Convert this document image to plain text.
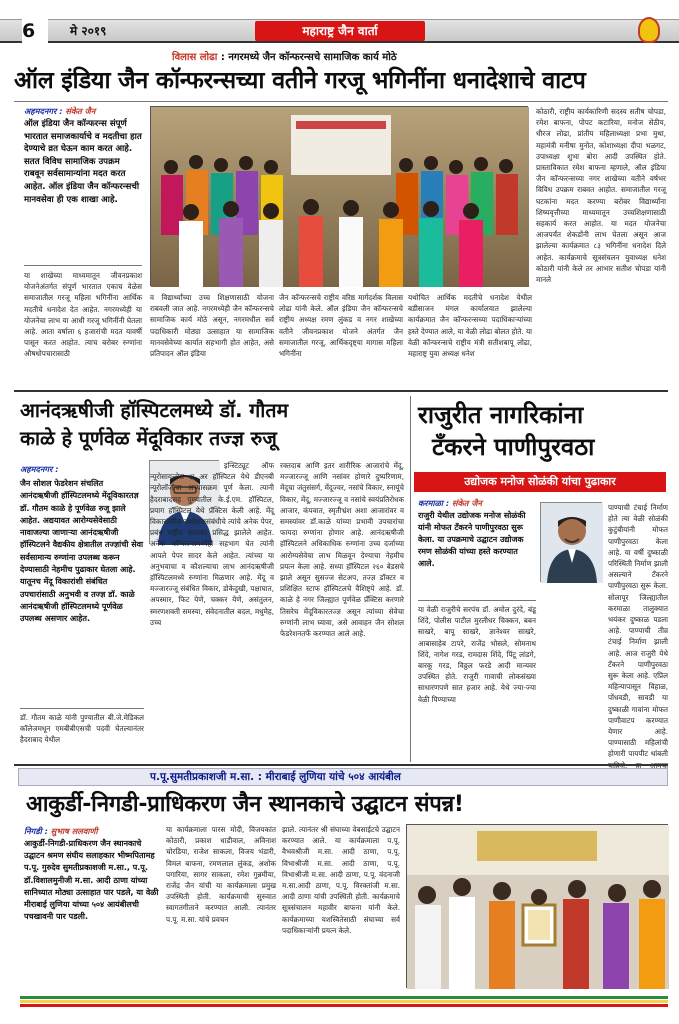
6	मे २०१९	महाराष्ट्र जैन वार्ता
विलास लोढा : नगरमध्ये जैन कॉन्फरन्सचे सामाजिक कार्य मोठे
ऑल इंडिया जैन कॉन्फरन्सच्या वतीने गरजू भगिनींना धनादेशाचे वाटप
अहमदनगर : संकेत जैन
ऑल इंडिया जैन कॉन्फरन्स संपूर्ण भारतात समाजकार्याचे व मदतीचा हात देण्याचे व्रत घेऊन काम करत आहे. सतत विविध सामाजिक उपक्रम राबवून सर्वसामान्यांना मदत करत आहेत. ऑल इंडिया जैन कॉन्फरन्सची मानवसेवा ही एक शाखा आहे.
या शाखेच्या माध्यमातून जीवनप्रकाश योजनेअंतर्गत संपूर्ण भारतात एकाच वेळेस समाजातील गरजू महिला भगिनींना आर्थिक मदतीचे धनादेश देत आहेत. नगरमध्येही या योजनेचा लाभ या आधी गरजू भगिनींनी घेतला आहे. आता वर्षाला ६ हजारांची मदत यावर्षी पासून करत आहोत. त्याच बरोबर रुग्णांना औषधोपचारासाठी
व विद्यार्थ्यांच्या उच्च शिक्षणासाठी योजना राबवली जात आहे. नगरमध्येही जैन कॉन्फरन्सचे सामाजिक कार्य मोठे असून, नगरमधील सर्व पदाधिकारी मोठ्या उत्साहात या सामाजिक मानवसेवेच्या कार्यात सहभागी होत आहेत, असे प्रतिपादन ऑल इंडिया
जैन कॉन्फरन्सचे राष्ट्रीय वरिष्ठ मार्गदर्शक विलास लोढा यांनी केले. ऑल इंडिया जैन कॉन्फरन्सचे राष्ट्रीय अध्यक्ष रमण लुंकड व नगर शाखेच्या वतीने जीवनप्रकाश योजने अंतर्गत जैन समाजातील गरजू, आर्थिकदृष्ट्या मागास महिला भगिनींना
यथोचित आर्थिक मदतीचे धनादेश येथील बडीसाजन मंगल कार्यालयात झालेल्या कार्यक्रमात जैन कॉन्फरन्सच्या पदाधिकाऱ्यांच्या हस्ते देण्यात आले, या वेळी लोढा बोलत होते. या वेळी कॉन्फरन्सचे राष्ट्रीय मंत्री सतीशबापू लोढा, महाराष्ट्र युवा अध्यक्ष धनेश
कोठारी, राष्ट्रीय कार्यकारिणी सदस्य सतीष चोपडा, रमेश बाफना, पोपट कटारिया, मनोज सेठीय, धीरज लोढा, प्रांतीय महिलाध्यक्षा प्रभा मुथा, महामंत्री मनीषा मुनोत, कोशाध्यक्षा दीपा भळगट, उपाध्यक्षा शुभा बोरा आदी उपस्थित होते. प्रास्ताविकात रमेश बाफना म्हणाले, ऑल इंडिया जैन कॉन्फरन्सच्या नगर शाखेच्या वतीने वर्षभर विविध उपक्रम राबवत आहोत. समाजातील गरजू घटकांना मदत करण्या बरोबर विद्यार्थ्यांना शिष्यवृत्तीच्या माध्यमातून उच्चशिक्षणासाठी सहकार्य करत आहोत. या मदत योजनेचा आजपर्यंत शेकडोंनी लाभ घेतला असून आज झालेल्या कार्यक्रमात ८३ भगिनींना धनादेश दिले आहेत. कार्यक्रमाचे सूत्रसंचलन युवाध्यक्ष धनेश कोठारी यांनी केले तर आभार सतीश चोपडा यांनी मानले
आनंदऋषीजी हॉस्पिटलमध्ये डॉ. गौतम
काळे हे पूर्णवेळ मेंदूविकार तज्ज्ञ रुजू
अहमदनगर :
जैन सोशल फेडरेशन संचलित आनंदऋषीजी हॉस्पिटलमध्ये मेंदूविकारतज्ञ डॉ. गौतम काळे हे पूर्णवेळ रुजू झाले आहेत. अद्ययावत आरोग्यसेवेसाठी नावाजल्या जाणाऱ्या आनंदऋषीजी हॉस्पिटलने वैद्यकीय क्षेत्रातील तज्ज्ञांची सेवा सर्वसामान्य रुग्णांना उपलब्ध करून देण्यासाठी नेहमीच पुढाकार घेतला आहे. यातूनच मेंदू विकारांशी संबंधित उपचारांसाठी अनुभवी व तज्ज्ञ डॉ. काळे आनंदऋषीजी हॉस्पिटलमध्ये पूर्णवेळ उपलब्ध असणार आहेत.
डॉ. गौतम काळे यांनी पुण्यातील बी.जे.मेडिकल कॉलेजमधून एमबीबीएसची पदवी घेतल्यानंतर हैदराबाद येथील
इन्स्टिट्यूट ऑफ न्यूरोसायन्सेस क्ष अर हॉस्पिटल येथे डीएनबी न्यूरोलॉजीचा अभ्यासक्रम पूर्ण केला. त्यानी हैदराबादसह पुण्यातील के.ई.एम. हॉस्पिटल, प्रयाग हॉस्पिटल येथे प्रॅक्टिस केली आहे. मेंदू विकारांवरील संशोधनासंबंधीचे त्यांचे अनेक पेपर, प्रबंध राष्ट्रीय स्तरावर प्रसिद्ध झालेले आहेत. अनेक कॉन्फरन्समध्येही सहभाग घेत त्यांनी आपले पेपर सादर केले आहेत. त्यांच्या या अनुभवाचा व कौशल्याचा लाभ आनंदऋषीजी हॉस्पिटलमध्ये रुग्णांना मिळणार आहे. मेंदू व मज्जारज्जू संबंधित विकार, डोकेदुखी, पक्षाघात, अपस्मार, फिट येणे, चक्कर येणे, असंतुलन, स्मरणशक्ती समस्या, संवेदनातील बदल, मधुमेह, उच्च
रक्तदाब आणि इतर शारीरिक आजारांचे मेंदू, मज्जारज्जू आणि नसांवर होणारे दुष्परिणाम, मेंदूचा जंतुसंसर्ग, मेंदूज्वर, नसांचे विकार, स्नायूंचे विकार, मेंदू, मज्जारज्जू व नसांचे स्वयंप्रतिरोधक आजार, कंपवात, स्मृतीभ्रंश अशा आजारांवर व समस्यांवर डॉ.काळे यांच्या प्रभावी उपचारांचा फायदा रुग्णांना होणार आहे. आनंदऋषीजी हॉस्पिटलने अधिकाधिक रुग्णांना उच्च दर्जाच्या आरोग्यसेवेचा लाभ मिळवून देण्याचा नेहमीच प्रयत्न केला आहे. सध्या हॉस्पिटल २६० बेडसचे झाले असून सुसज्ज सेटअप, तज्ज्ञ डॉक्टर व प्रशिक्षित स्टाफ हॉस्पिटलचे वैशिष्ट्ये आहे. डॉ. काळे हे नगर जिल्ह्यात पूर्णवेळ प्रॅक्टिस करणारे तिसरेच मेंदूविकारतज्ज्ञ असून त्यांच्या सेवेचा रुग्णांनी लाभ घ्यावा, असे आवाहन जैन सोशल फेडरेशनतर्फे करण्यात आले आहे.
राजुरीत नागरिकांना
टँकरने पाणीपुरवठा
उद्योजक मनोज सोळंकी यांचा पुढाकार
करमाळा : संकेत जैन
राजुरी येथील उद्योजक मनोज सोळंकी यांनी मोफत टँकरने पाणीपुरवठा सुरू केला. या उपक्रमाचे उद्घाटन उद्योजक रमण सोळंकी यांच्या हस्ते करण्यात आले.
या वेळी राजुरीचे सरपंच डॉ. अमोल दुरंदे, बंडू शिंदे, पोलीस पाटील मुरलीधर चिक्कन, बबन साखरे, बापू साखरे, ज्ञानेश्वर साखरे, आबासाहेब टापरे, राजेंद्र भोसले, सोमनाथ शिंदे, नागेश गरड, रामदास शिंदे, पिंटू लांडगे, बारकू गरड, विठ्ठल फरडे आदी मान्यवर उपस्थित होते. राजुरी गावाची लोकसंख्या साधारणपणे सात हजार आहे. येथे ज्या-ज्या वेळी पिण्याच्या
पाण्याची टंचाई निर्माण होते त्या वेळी सोळंकी कुटुंबीयांनी मोफत पाणीपुरवठा केला आहे. या वर्षी दुष्काळी परिस्थिती निर्माण झाली असल्याने टँकरने पाणीपुरवठा सुरू केला. सोलापूर जिल्ह्यातील करमाळा तालुक्यात भयंकर दुष्काळ पडला आहे. पाण्याची तीव्र टंचाई निर्माण झाली आहे. आज राजुरी येथे टँकरने पाणीपुरवठा सुरू केला आहे. एप्रिल महिन्यापासून विहाळ, पोंधवडी, सावडी या दुष्काळी गावांना मोफत पाणीवाटप करण्यात येणार आहे. पाण्यासाठी महिलांची होणारी पायपीट थांबली
प.पू.सुमतीप्रकाशजी म.सा. : मीराबाई लुणिया यांचे ५०४ आयंबील
आकुर्डी-निगडी-प्राधिकरण जैन स्थानकाचे उद्घाटन संपन्न!
निगडी : सुभाष ललवाणी
आकुर्डी-निगडी-प्राधिकरण जैन स्थानकाचे उद्घाटन श्रमण संघीय सलाहकार भीष्मपितामह प.पू. गुरुदेव सुमतीप्रकाशजी म.सा., प.पू. डॉ.विशालमुनीजी म.सा. आदी ठाणा यांच्या सानिध्यात मोठ्या उत्साहात पार पडले, या वेळी मीराबाई लुणिया यांच्या ५०४ आयंबीलची पचखावनी पार पडली.
या कार्यक्रमाला पारस मोदी, विजयकांत कोठारी, प्रकाश धाडीवाल, अविनाश चोरडिया, राजेश साकला, विजय भंडारी, विमल बाफना, रमणलाल लुंकड, अशोक पगारिया, सागर साकला, रमेश गुन्नमीया, राजेंद्र जैन यांची या कार्यक्रमाला प्रमुख उपस्थिती होती. कार्यक्रमाची सुरुवात स्वागतगीताने करण्यात आली. त्यानंतर प.पू. म.सा. यांचे प्रवचन
झाले. त्यानंतर श्री संघाच्या वेबसाईटचे उद्घाटन करण्यात आले. या कार्यक्रमाला प.पू. वैभवश्रीजी म.सा. आदी ठाणा, प.पू. विभाश्रीजी म.सा. आदी ठाणा, प.पू. विभाश्रीजी म.सा. आदी ठाणा, प.पू. वंदनाजी म.सा.आदी ठाणा, प.पू. विरक्तांजी म.सा. आदी ठाणा यांची उपस्थिती होती. कार्यक्रमाचे सूत्रसंचालन महावीर बाफना यांनी केले. कार्यक्रमाच्या यशस्वितेसाठी संघाच्या सर्व पदाधिकाऱ्यांनी प्रयत्न केले.
